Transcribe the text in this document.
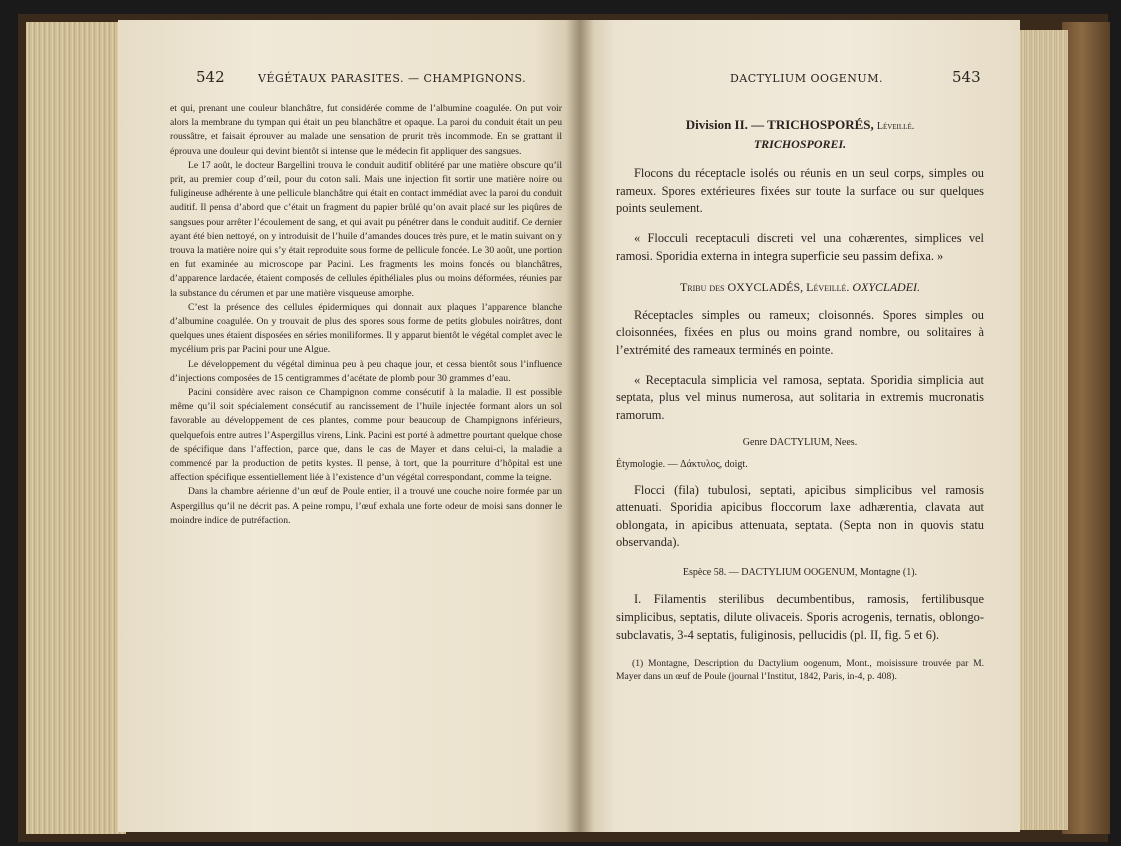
542	VÉGÉTAUX PARASITES. — CHAMPIGNONS.

et qui, prenant une couleur blanchâtre, fut considérée comme de l’albumine coagulée. On put voir alors la membrane du tympan qui était un peu blanchâtre et opaque. La paroi du conduit était un peu roussâtre, et faisait éprouver au malade une sensation de prurit très incommode. En se grattant il éprouva une douleur qui devint bientôt si intense que le médecin fit appliquer des sangsues.

Le 17 août, le docteur Bargellini trouva le conduit auditif oblitéré par une matière obscure qu’il prit, au premier coup d’œil, pour du coton sali. Mais une injection fit sortir une matière noire ou fuligineuse adhérente à une pellicule blanchâtre qui était en contact immédiat avec la paroi du conduit auditif. Il pensa d’abord que c’était un fragment du papier brûlé qu’on avait placé sur les piqûres de sangsues pour arrêter l’écoulement de sang, et qui avait pu pénétrer dans le conduit auditif. Ce dernier ayant été bien nettoyé, on y introduisit de l’huile d’amandes douces très pure, et le matin suivant on y trouva la matière noire qui s’y était reproduite sous forme de pellicule foncée. Le 30 août, une portion en fut examinée au microscope par Pacini. Les fragments les moins foncés ou blanchâtres, d’apparence lardacée, étaient composés de cellules épithéliales plus ou moins déformées, réunies par la substance du cérumen et par une matière visqueuse amorphe.

C’est la présence des cellules épidermiques qui donnait aux plaques l’apparence blanche d’albumine coagulée. On y trouvait de plus des spores sous forme de petits globules noirâtres, dont quelques unes étaient disposées en séries moniliformes. Il y apparut bientôt le végétal complet avec le mycélium pris par Pacini pour une Algue.

Le développement du végétal diminua peu à peu chaque jour, et cessa bientôt sous l’influence d’injections composées de 15 centigrammes d’acétate de plomb pour 30 grammes d’eau.

Pacini considère avec raison ce Champignon comme consécutif à la maladie. Il est possible même qu’il soit spécialement consécutif au rancissement de l’huile injectée formant alors un sol favorable au développement de ces plantes, comme pour beaucoup de Champignons inférieurs, quelquefois entre autres l’Aspergillus virens, Link. Pacini est porté à admettre pourtant quelque chose de spécifique dans l’affection, parce que, dans le cas de Mayer et dans celui-ci, la maladie a commencé par la production de petits kystes. Il pense, à tort, que la pourriture d’hôpital est une affection spécifique essentiellement liée à l’existence d’un végétal correspondant, comme la teigne.

Dans la chambre aérienne d’un œuf de Poule entier, il a trouvé une couche noire formée par un Aspergillus qu’il ne décrit pas. A peine rompu, l’œuf exhala une forte odeur de moisi sans donner le moindre indice de putréfaction.

DACTYLIUM OOGENUM.	543
Division II. — TRICHOSPORÉS, Léveillé.
TRICHOSPOREI.

Flocons du réceptacle isolés ou réunis en un seul corps, simples ou rameux. Spores extérieures fixées sur toute la surface ou sur quelques points seulement.

« Flocculi receptaculi discreti vel una cohærentes, simplices vel ramosi. Sporidia externa in integra superficie seu passim defixa. »

Tribu des OXYCLADÉS, Léveillé. OXYCLADEI.

Réceptacles simples ou rameux; cloisonnés. Spores simples ou cloisonnées, fixées en plus ou moins grand nombre, ou solitaires à l’extrémité des rameaux terminés en pointe.

« Receptacula simplicia vel ramosa, septata. Sporidia simplicia aut septata, plus vel minus numerosa, aut solitaria in extremis mucronatis ramorum.

Genre DACTYLIUM, Nees.
Étymologie. — Δάκτυλος, doigt.

Flocci (fila) tubulosi, septati, apicibus simplicibus vel ramosis attenuati. Sporidia apicibus floccorum laxe adhærentia, clavata aut oblongata, in apicibus attenuata, septata. (Septa non in quovis statu observanda).

Espèce 58. — DACTYLIUM OOGENUM, Montagne (1).

I. Filamentis sterilibus decumbentibus, ramosis, fertilibusque simplicibus, septatis, dilute olivaceis. Sporis acrogenis, ternatis, oblongo-subclavatis, 3-4 septatis, fuliginosis, pellucidis (pl. II, fig. 5 et 6).

(1) Montagne, Description du Dactylium oogenum, Mont., moisissure trouvée par M. Mayer dans un œuf de Poule (journal l’Institut, 1842, Paris, in-4, p. 408).
